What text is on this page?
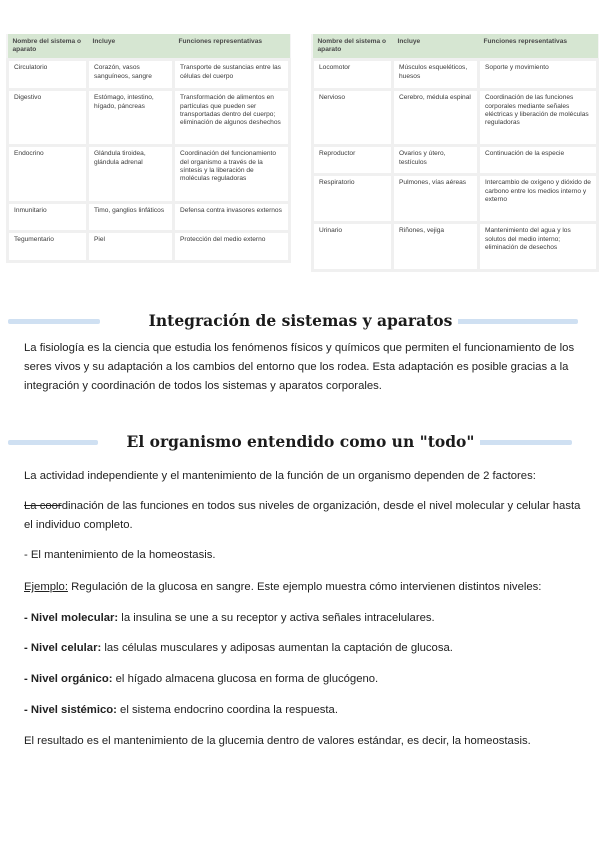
Nombre del sistema o aparato	Incluye	Funciones representativas
Circulatorio	Corazón, vasos sanguíneos, sangre	Transporte de sustancias entre las células del cuerpo
Digestivo	Estómago, intestino, hígado, páncreas	Transformación de alimentos en partículas que pueden ser transportadas dentro del cuerpo; eliminación de algunos deshechos
Endocrino	Glándula tiroidea, glándula adrenal	Coordinación del funcionamiento del organismo a través de la síntesis y la liberación de moléculas reguladoras
Inmunitario	Timo, ganglios linfáticos	Defensa contra invasores externos
Tegumentario	Piel	Protección del medio externo
Nombre del sistema o aparato	Incluye	Funciones representativas
Locomotor	Músculos esqueléticos, huesos	Soporte y movimiento
Nervioso	Cerebro, médula espinal	Coordinación de las funciones corporales mediante señales eléctricas y liberación de moléculas reguladoras
Reproductor	Ovarios y útero, testículos	Continuación de la especie
Respiratorio	Pulmones, vías aéreas	Intercambio de oxígeno y dióxido de carbono entre los medios interno y externo
Urinario	Riñones, vejiga	Mantenimiento del agua y los solutos del medio interno; eliminación de desechos
Integración de sistemas y aparatos
La fisiología es la ciencia que estudia los fenómenos físicos y químicos que permiten el funcionamiento de los seres vivos y su adaptación a los cambios del entorno que los rodea. Esta adaptación es posible gracias a la integración y coordinación de todos los sistemas y aparatos corporales.
El organismo entendido como un "todo"
La actividad independiente y el mantenimiento de la función de un organismo dependen de 2 factores:
La coordinación de las funciones en todos sus niveles de organización, desde el nivel molecular y celular hasta el individuo completo.
- El mantenimiento de la homeostasis.
Ejemplo: Regulación de la glucosa en sangre. Este ejemplo muestra cómo intervienen distintos niveles:
- Nivel molecular: la insulina se une a su receptor y activa señales intracelulares.
- Nivel celular: las células musculares y adiposas aumentan la captación de glucosa.
- Nivel orgánico: el hígado almacena glucosa en forma de glucógeno.
- Nivel sistémico: el sistema endocrino coordina la respuesta.
El resultado es el mantenimiento de la glucemia dentro de valores estándar, es decir, la homeostasis.
